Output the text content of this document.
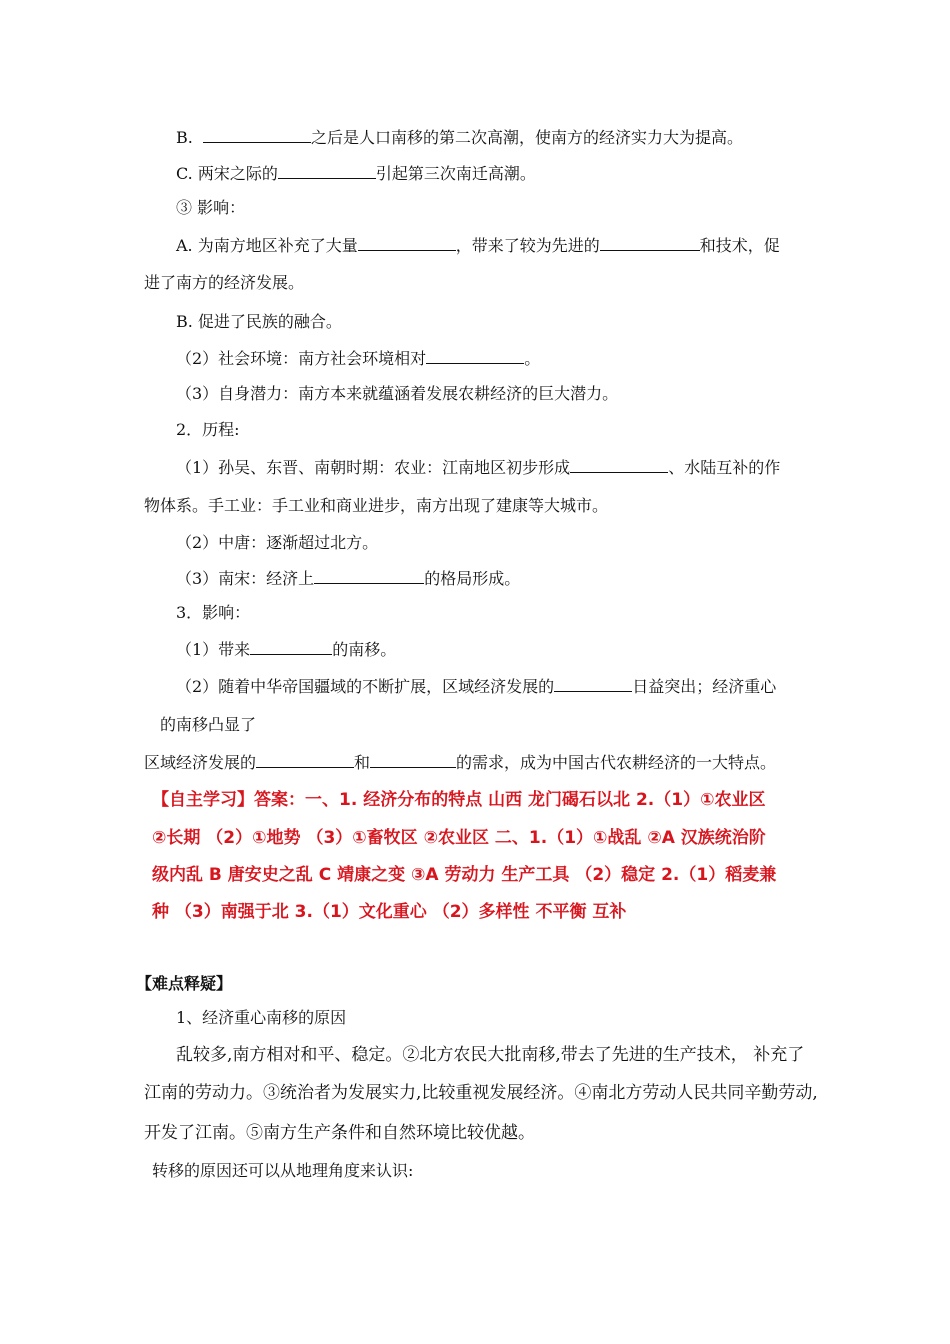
B.	之后是人口南移的第二次高潮，使南方的经济实力大为提高。
C. 两宋之际的	引起第三次南迁高潮。
③ 影响：
A. 为南方地区补充了大量	，带来了较为先进的	和技术，促
进了南方的经济发展。
B. 促进了民族的融合。
（2）社会环境：南方社会环境相对	。
（3）自身潜力：南方本来就蕴涵着发展农耕经济的巨大潜力。
2．历程:
（1）孙吴、东晋、南朝时期：农业：江南地区初步形成	、水陆互补的作
物体系。手工业：手工业和商业进步，南方出现了建康等大城市。
（2）中唐：逐渐超过北方。
（3）南宋：经济上	的格局形成。
3．影响：
（1）带来	的南移。
（2）随着中华帝国疆域的不断扩展，区域经济发展的	日益突出；经济重心
的南移凸显了
区域经济发展的	和	的需求，成为中国古代农耕经济的一大特点。
【自主学习】答案：一、1. 经济分布的特点 山西 龙门碣石以北 2.（1）①农业区
②长期 （2）①地势 （3）①畜牧区 ②农业区 二、1.（1）①战乱 ②A 汉族统治阶
级内乱 B 唐安史之乱 C 靖康之变 ③A 劳动力 生产工具 （2）稳定 2.（1）稻麦兼
种 （3）南强于北 3.（1）文化重心 （2）多样性 不平衡 互补
【难点释疑】
1、经济重心南移的原因
乱较多,南方相对和平、稳定。②北方农民大批南移,带去了先进的生产技术， 补充了
江南的劳动力。③统治者为发展实力,比较重视发展经济。④南北方劳动人民共同辛勤劳动,
开发了江南。⑤南方生产条件和自然环境比较优越。
转移的原因还可以从地理角度来认识:
